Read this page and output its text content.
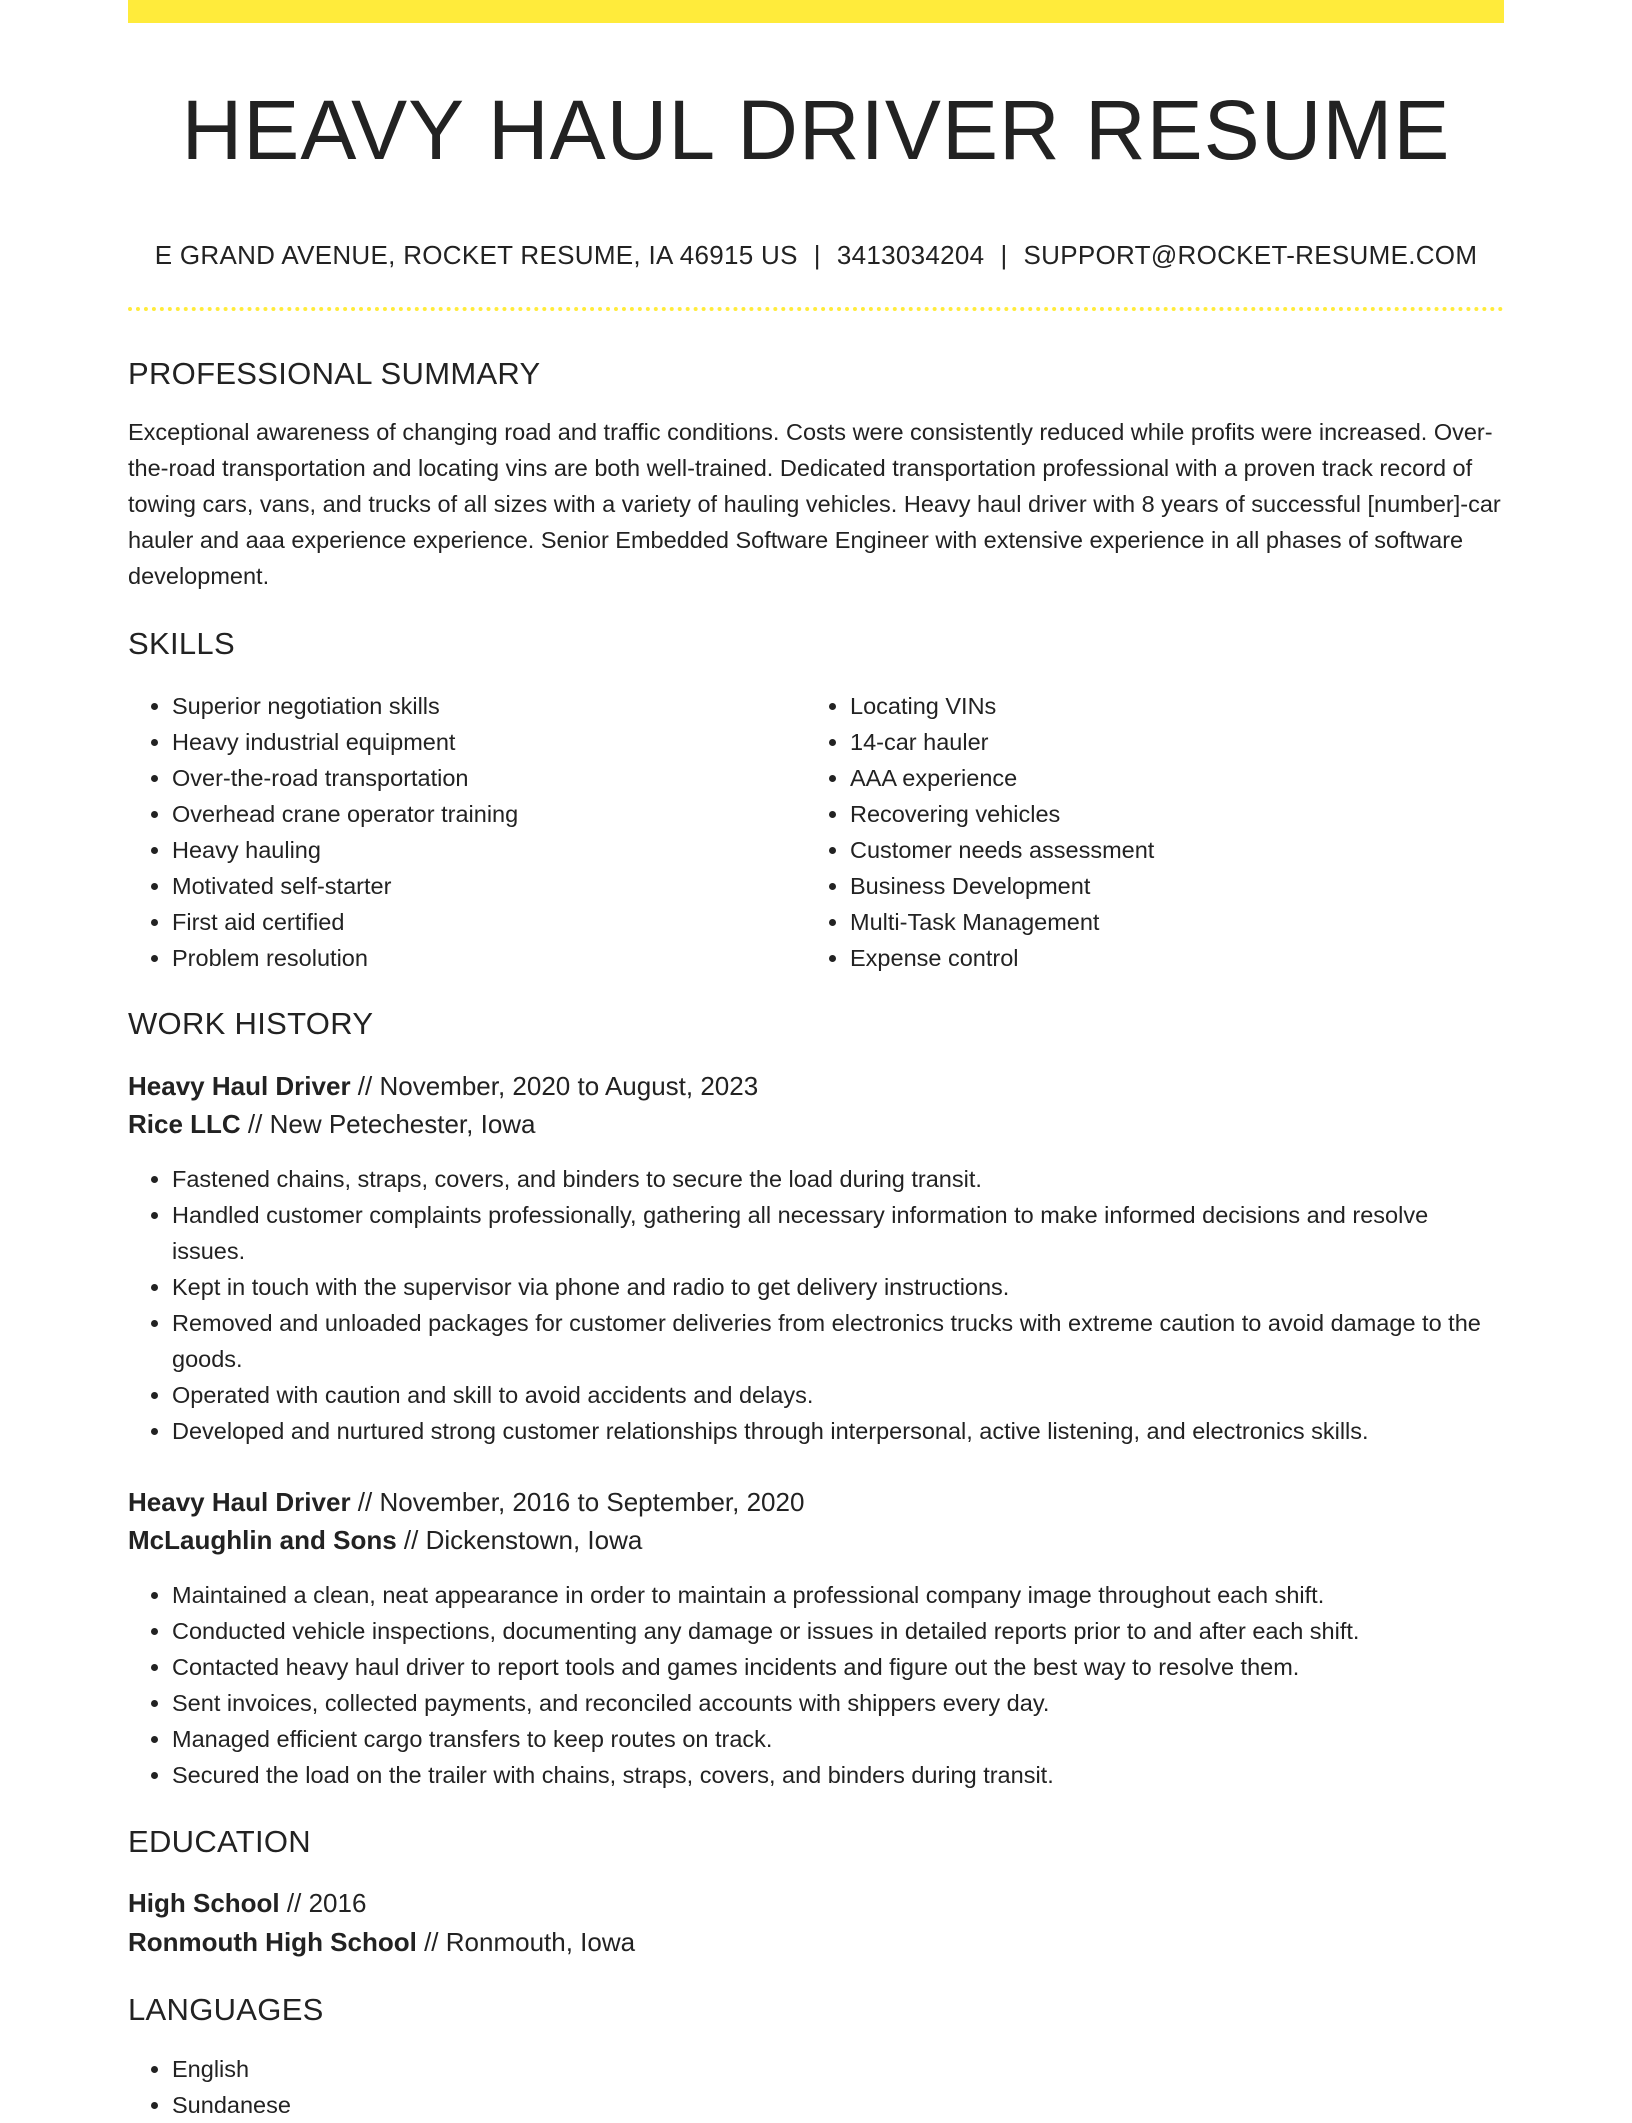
HEAVY HAUL DRIVER RESUME
E GRAND AVENUE, ROCKET RESUME, IA 46915 US | 3413034204 | SUPPORT@ROCKET-RESUME.COM
PROFESSIONAL SUMMARY

Exceptional awareness of changing road and traffic conditions. Costs were consistently reduced while profits were increased. Over-the-road transportation and locating vins are both well-trained. Dedicated transportation professional with a proven track record of towing cars, vans, and trucks of all sizes with a variety of hauling vehicles. Heavy haul driver with 8 years of successful [number]-car hauler and aaa experience experience. Senior Embedded Software Engineer with extensive experience in all phases of software development.

SKILLS
• Superior negotiation skills
• Heavy industrial equipment
• Over-the-road transportation
• Overhead crane operator training
• Heavy hauling
• Motivated self-starter
• First aid certified
• Problem resolution
• Locating VINs
• 14-car hauler
• AAA experience
• Recovering vehicles
• Customer needs assessment
• Business Development
• Multi-Task Management
• Expense control
WORK HISTORY
Heavy Haul Driver // November, 2020 to August, 2023
Rice LLC // New Petechester, Iowa
• Fastened chains, straps, covers, and binders to secure the load during transit.
• Handled customer complaints professionally, gathering all necessary information to make informed decisions and resolve issues.
• Kept in touch with the supervisor via phone and radio to get delivery instructions.
• Removed and unloaded packages for customer deliveries from electronics trucks with extreme caution to avoid damage to the goods.
• Operated with caution and skill to avoid accidents and delays.
• Developed and nurtured strong customer relationships through interpersonal, active listening, and electronics skills.
Heavy Haul Driver // November, 2016 to September, 2020
McLaughlin and Sons // Dickenstown, Iowa
• Maintained a clean, neat appearance in order to maintain a professional company image throughout each shift.
• Conducted vehicle inspections, documenting any damage or issues in detailed reports prior to and after each shift.
• Contacted heavy haul driver to report tools and games incidents and figure out the best way to resolve them.
• Sent invoices, collected payments, and reconciled accounts with shippers every day.
• Managed efficient cargo transfers to keep routes on track.
• Secured the load on the trailer with chains, straps, covers, and binders during transit.
EDUCATION
High School // 2016
Ronmouth High School // Ronmouth, Iowa
LANGUAGES
• English
• Sundanese
